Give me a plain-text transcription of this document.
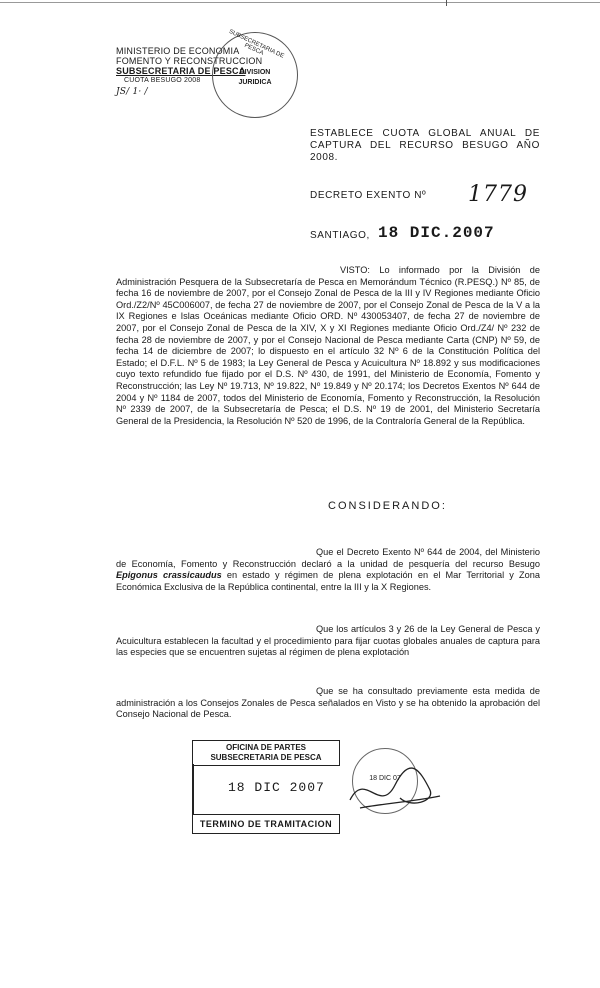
MINISTERIO DE ECONOMIA
FOMENTO Y RECONSTRUCCION
SUBSECRETARIA DE PESCA
CUOTA BESUGO 2008
JS/ 1· /
SUBSECRETARIA DE PESCA
DIVISION
JURIDICA
ESTABLECE CUOTA GLOBAL ANUAL DE CAPTURA DEL RECURSO BESUGO AÑO 2008.
DECRETO EXENTO Nº 1779
SANTIAGO, 18 DIC.2007
VISTO: Lo informado por la División de Administración Pesquera de la Subsecretaría de Pesca en Memorándum Técnico (R.PESQ.) Nº 85, de fecha 16 de noviembre de 2007, por el Consejo Zonal de Pesca de la III y IV Regiones mediante Oficio Ord./Z2/Nº 45C006007, de fecha 27 de noviembre de 2007, por el Consejo Zonal de Pesca de la V a la IX Regiones e Islas Oceánicas mediante Oficio ORD. Nº 430053407, de fecha 27 de noviembre de 2007, por el Consejo Zonal de Pesca de la XIV, X y XI Regiones mediante Oficio Ord./Z4/ Nº 232 de fecha 28 de noviembre de 2007, y por el Consejo Nacional de Pesca mediante Carta (CNP) Nº 59, de fecha 14 de diciembre de 2007; lo dispuesto en el artículo 32 Nº 6 de la Constitución Política del Estado; el D.F.L. Nº 5 de 1983; la Ley General de Pesca y Acuicultura Nº 18.892 y sus modificaciones cuyo texto refundido fue fijado por el D.S. Nº 430, de 1991, del Ministerio de Economía, Fomento y Reconstrucción; las Ley Nº 19.713, Nº 19.822, Nº 19.849 y Nº 20.174; los Decretos Exentos Nº 644 de 2004 y Nº 1184 de 2007, todos del Ministerio de Economía, Fomento y Reconstrucción, la Resolución Nº 2339 de 2007, de la Subsecretaría de Pesca; el D.S. Nº 19 de 2001, del Ministerio Secretaría General de la Presidencia, la Resolución Nº 520 de 1996, de la Contraloría General de la República.
CONSIDERANDO:
Que el Decreto Exento Nº 644 de 2004, del Ministerio de Economía, Fomento y Reconstrucción declaró a la unidad de pesquería del recurso Besugo Epigonus crassicaudus en estado y régimen de plena explotación en el Mar Territorial y Zona Económica Exclusiva de la República continental, entre la III y la X Regiones.
Que los artículos 3 y 26 de la Ley General de Pesca y Acuicultura establecen la facultad y el procedimiento para fijar cuotas globales anuales de captura para las especies que se encuentren sujetas al régimen de plena explotación
Que se ha consultado previamente esta medida de administración a los Consejos Zonales de Pesca señalados en Visto y se ha obtenido la aprobación del Consejo Nacional de Pesca.
OFICINA DE PARTES
SUBSECRETARIA DE PESCA
18 DIC 2007
TERMINO DE TRAMITACION
18 DIC 07
